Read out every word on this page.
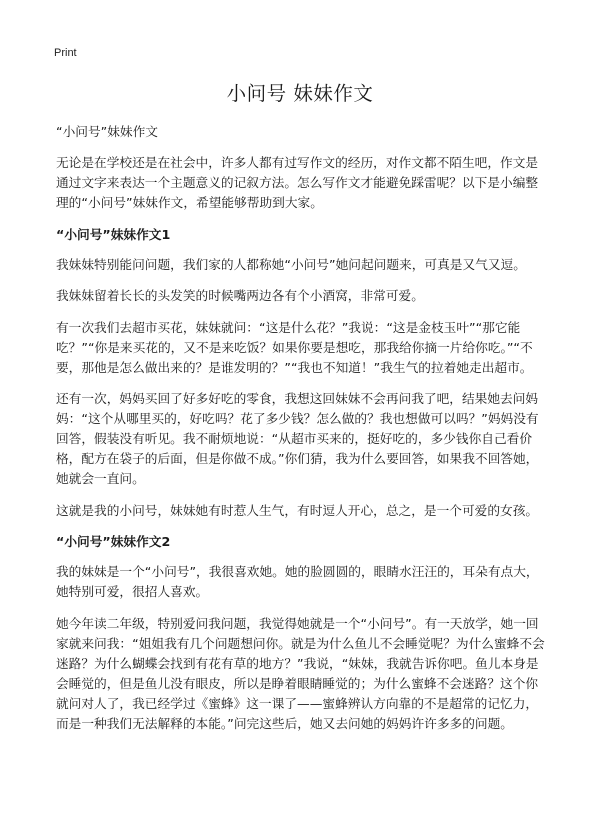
Print
小问号 妹妹作文

“小问号”妹妹作文

无论是在学校还是在社会中，许多人都有过写作文的经历，对作文都不陌生吧，作文是通过文字来表达一个主题意义的记叙方法。怎么写作文才能避免踩雷呢？以下是小编整理的“小问号”妹妹作文，希望能够帮助到大家。

“小问号”妹妹作文1

我妹妹特别能问问题，我们家的人都称她“小问号”她问起问题来，可真是又气又逗。

我妹妹留着长长的头发笑的时候嘴两边各有个小酒窝，非常可爱。

有一次我们去超市买花，妹妹就问：“这是什么花？”我说：“这是金枝玉叶”“那它能吃？”“你是来买花的，又不是来吃饭？如果你要是想吃，那我给你摘一片给你吃。”“不要，那他是怎么做出来的？是谁发明的？”“我也不知道！”我生气的拉着她走出超市。

还有一次，妈妈买回了好多好吃的零食，我想这回妹妹不会再问我了吧，结果她去问妈妈：“这个从哪里买的，好吃吗？花了多少钱？怎么做的？我也想做可以吗？”妈妈没有回答，假装没有听见。我不耐烦地说：“从超市买来的，挺好吃的，多少钱你自己看价格，配方在袋子的后面，但是你做不成。”你们猜，我为什么要回答，如果我不回答她，她就会一直问。

这就是我的小问号，妹妹她有时惹人生气，有时逗人开心，总之，是一个可爱的女孩。

“小问号”妹妹作文2

我的妹妹是一个“小问号”，我很喜欢她。她的脸圆圆的，眼睛水汪汪的，耳朵有点大，她特别可爱，很招人喜欢。

她今年读二年级，特别爱问我问题，我觉得她就是一个“小问号”。有一天放学，她一回家就来问我：“姐姐我有几个问题想问你。就是为什么鱼儿不会睡觉呢？为什么蜜蜂不会迷路？为什么蝴蝶会找到有花有草的地方？”我说，“妹妹，我就告诉你吧。鱼儿本身是会睡觉的，但是鱼儿没有眼皮，所以是睁着眼睛睡觉的；为什么蜜蜂不会迷路？这个你就问对人了，我已经学过《蜜蜂》这一课了——蜜蜂辨认方向靠的不是超常的记忆力，而是一种我们无法解释的本能。”问完这些后，她又去问她的妈妈许许多多的问题。
